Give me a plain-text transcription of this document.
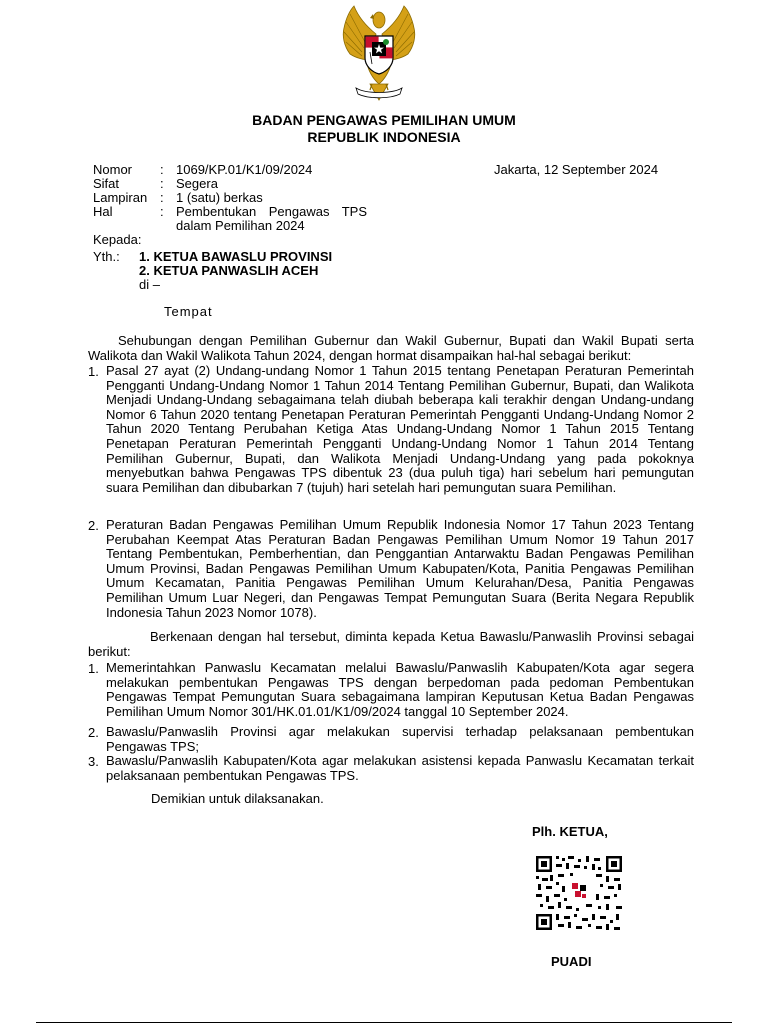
BADAN PENGAWAS PEMILIHAN UMUM
REPUBLIK INDONESIA
Nomor : 1069/KP.01/K1/09/2024
Sifat	: Segera
Lampiran : 1 (satu) berkas
Hal	: Pembentukan Pengawas TPS
dalam Pemilihan 2024
Jakarta, 12 September 2024
Kepada:
Yth.: 1. KETUA BAWASLU PROVINSI
2. KETUA PANWASLIH ACEH
di –
Tempat
Sehubungan dengan Pemilihan Gubernur dan Wakil Gubernur, Bupati dan Wakil Bupati serta Walikota dan Wakil Walikota Tahun 2024, dengan hormat disampaikan hal-hal sebagai berikut:
1. Pasal 27 ayat (2) Undang-undang Nomor 1 Tahun 2015 tentang Penetapan Peraturan Pemerintah Pengganti Undang-Undang Nomor 1 Tahun 2014 Tentang Pemilihan Gubernur, Bupati, dan Walikota Menjadi Undang-Undang sebagaimana telah diubah beberapa kali terakhir dengan Undang-undang Nomor 6 Tahun 2020 tentang Penetapan Peraturan Pemerintah Pengganti Undang-Undang Nomor 2 Tahun 2020 Tentang Perubahan Ketiga Atas Undang-Undang Nomor 1 Tahun 2015 Tentang Penetapan Peraturan Pemerintah Pengganti Undang-Undang Nomor 1 Tahun 2014 Tentang Pemilihan Gubernur, Bupati, dan Walikota Menjadi Undang-Undang yang pada pokoknya menyebutkan bahwa Pengawas TPS dibentuk 23 (dua puluh tiga) hari sebelum hari pemungutan suara Pemilihan dan dibubarkan 7 (tujuh) hari setelah hari pemungutan suara Pemilihan.
2. Peraturan Badan Pengawas Pemilihan Umum Republik Indonesia Nomor 17 Tahun 2023 Tentang Perubahan Keempat Atas Peraturan Badan Pengawas Pemilihan Umum Nomor 19 Tahun 2017 Tentang Pembentukan, Pemberhentian, dan Penggantian Antarwaktu Badan Pengawas Pemilihan Umum Provinsi, Badan Pengawas Pemilihan Umum Kabupaten/Kota, Panitia Pengawas Pemilihan Umum Kecamatan, Panitia Pengawas Pemilihan Umum Kelurahan/Desa, Panitia Pengawas Pemilihan Umum Luar Negeri, dan Pengawas Tempat Pemungutan Suara (Berita Negara Republik Indonesia Tahun 2023 Nomor 1078).
Berkenaan dengan hal tersebut, diminta kepada Ketua Bawaslu/Panwaslih Provinsi sebagai berikut:
1. Memerintahkan Panwaslu Kecamatan melalui Bawaslu/Panwaslih Kabupaten/Kota agar segera melakukan pembentukan Pengawas TPS dengan berpedoman pada pedoman Pembentukan Pengawas Tempat Pemungutan Suara sebagaimana lampiran Keputusan Ketua Badan Pengawas Pemilihan Umum Nomor 301/HK.01.01/K1/09/2024 tanggal 10 September 2024.
2. Bawaslu/Panwaslih Provinsi agar melakukan supervisi terhadap pelaksanaan pembentukan Pengawas TPS;
3. Bawaslu/Panwaslih Kabupaten/Kota agar melakukan asistensi kepada Panwaslu Kecamatan terkait pelaksanaan pembentukan Pengawas TPS.
Demikian untuk dilaksanakan.
Plh. KETUA,
PUADI
